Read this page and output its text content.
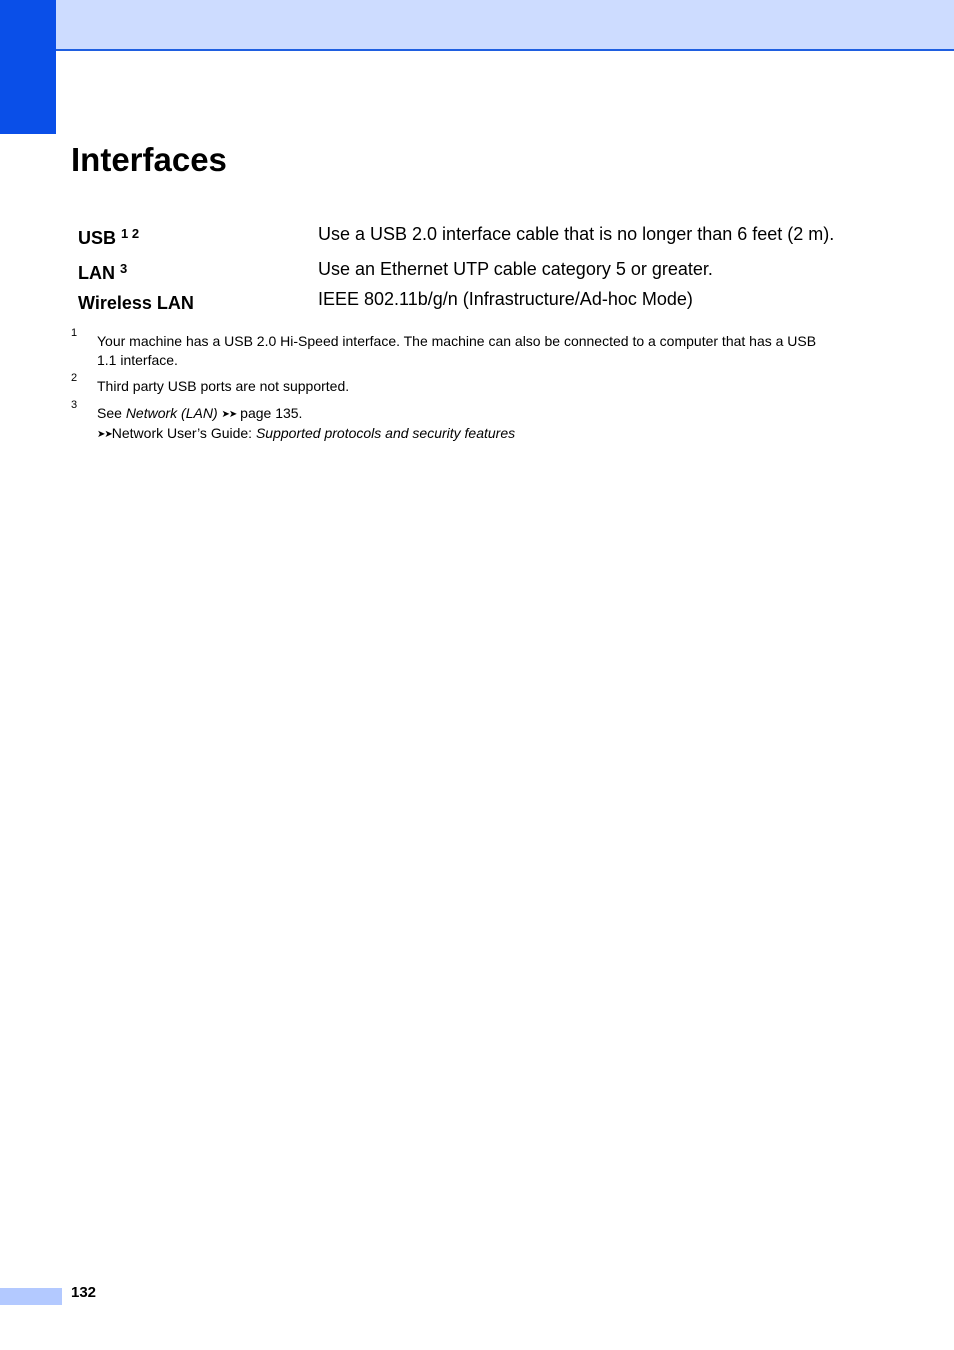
Interfaces
USB $^{1 2}$	Use a USB 2.0 interface cable that is no longer than 6 feet (2 m).
LAN $^3$	Use an Ethernet UTP cable category 5 or greater.
Wireless LAN	IEEE 802.11b/g/n (Infrastructure/Ad-hoc Mode)
1 Your machine has a USB 2.0 Hi-Speed interface. The machine can also be connected to a computer that has a USB
1.1 interface.
2 Third party USB ports are not supported.
3 See Network (LAN) ➤➤ page 135.
➤➤Network User’s Guide: Supported protocols and security features
132
